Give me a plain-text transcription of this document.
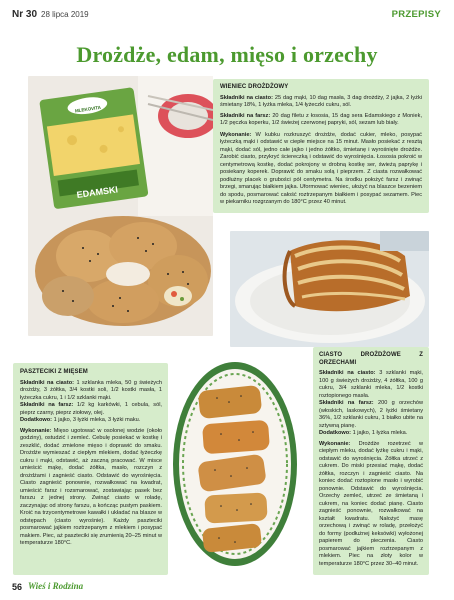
Nr 30 28 lipca 2019	PRZEPISY
Drożdże, edam, mięso i orzechy
EDAMSKI
MLEKOVITA
WIENIEC DROŻDŻOWY

Składniki na ciasto: 25 dag mąki, 10 dag masła, 3 dag drożdży, 2 jajka, 2 łyżki śmietany 18%, 1 łyżka mleka, 1/4 łyżeczki cukru, sól.

Składniki na farsz: 20 dag filetu z łososia, 15 dag sera Edamskiego z Moniek, 1/2 pęczka koperku, 1/2 świeżej czerwonej papryki, sól, sezam lub biały.

Wykonanie: W kubku rozkruszyć drożdże, dodać cukier, mleko, posypać łyżeczką mąki i odstawić w ciepłe miejsce na 15 minut. Masło posiekać z resztą mąki, dodać sól, jedno całe jajko i jedno żółtko, śmietanę i wyrośnięte drożdże. Zarobić ciasto, przykryć ściereczką i odstawić do wyrośnięcia. Łososia pokroić w centymetrową kostkę, dodać pokrojony w drobną kostkę ser, świeżą paprykę i posiekany koperek. Doprawić do smaku solą i pieprzem. Z ciasta rozwałkować podłużny placek o grubości pół centymetra. Na środku położyć farsz i zwinąć brzegi, smarując białkiem jajka. Uformować wieniec, ułożyć na blaszce bezeniem do spodu, posmarować całość roztrzepanym białkiem i posypać sezamem. Piec w piekarniku rozgrzanym do 180°C przez 40 minut.

PASZTECIKI Z MIĘSEM

Składniki na ciasto: 1 szklanka mleka, 50 g świeżych drożdży, 3 żółtka, 3/4 kostki soli, 1/2 kostki masła, 1 łyżeczka cukru, 1 i 1/2 szklanki mąki.

Składniki na farsz: 1/2 kg karkówki, 1 cebula, sól, pieprz czarny, pieprz ziołowy, olej.

Dodatkowo: 1 jajko, 3 łyżki mleka, 3 łyżki maku.

Wykonanie: Mięso ugotować w osolonej wodzie (około godziny), ostudzić i zemleć. Cebulę posiekać w kostkę i zeszklić, dodać zmielone mięso i doprawić do smaku. Drożdże wymieszać z ciepłym mlekiem, dodać łyżeczkę cukru i mąki, odstawić, aż zaczną pracować. W misce umieścić mąkę, dodać żółtka, masło, rozczyn z drożdżami i zagnieść ciasto. Odstawić do wyrośnięcia. Ciasto zagnieść ponownie, rozwałkować na kwadrat, umieścić farsz i rozsmarować, zostawiając pasek bez farszu z jednej strony. Zwinąć ciasto w roladę, zaczynając od strony farszu, a kończąc pustym paskiem. Kroić na trzycentymetrowe kawałki i układać na blasze w odstępach (ciasto wyrośnie). Każdy paszteciki posmarować jajkiem roztrzepanym z mlekiem i posypać makiem. Piec, aż paszteciki się zrumienią 20–25 minut w temperaturze 180°C.

CIASTO DROŻDŻOWE Z ORZECHAMI

Składniki na ciasto: 3 szklanki mąki, 100 g świeżych drożdży, 4 żółtka, 100 g cukru, 3/4 szklanki mleka, 1/2 kostki roztopionego masła.

Składniki na farsz: 200 g orzechów (włoskich, laskowych), 2 łyżki śmietany 36%, 1/2 szklanki cukru, 1 białko ubite na sztywną pianę.

Dodatkowo: 1 jajko, 1 łyżka mleka.

Wykonanie: Drożdże rozetrzeć w ciepłym mleku, dodać łyżkę cukru i mąki, odstawić do wyrośnięcia. Żółtka utrzeć z cukrem. Do miski przesiać mąkę, dodać żółtka, rozczyn i zagnieść ciasto. Na koniec dodać roztopione masło i wyrobić ponownie. Odstawić do wyrośnięcia. Orzechy zemleć, utrzeć ze śmietaną i cukrem, na koniec dodać pianę. Ciasto zagnieść ponownie, rozwałkować na kształt kwadratu. Nałożyć masę orzechową i zwinąć w roladę, przełożyć do formy (podłużnej keksówki) wyłożonej papierem do pieczenia. Ciasto posmarować jajkiem roztrzepanym z mlekiem. Piec na złoty kolor w temperaturze 180°C przez 30–40 minut.

56 Wieś i Rodzina
